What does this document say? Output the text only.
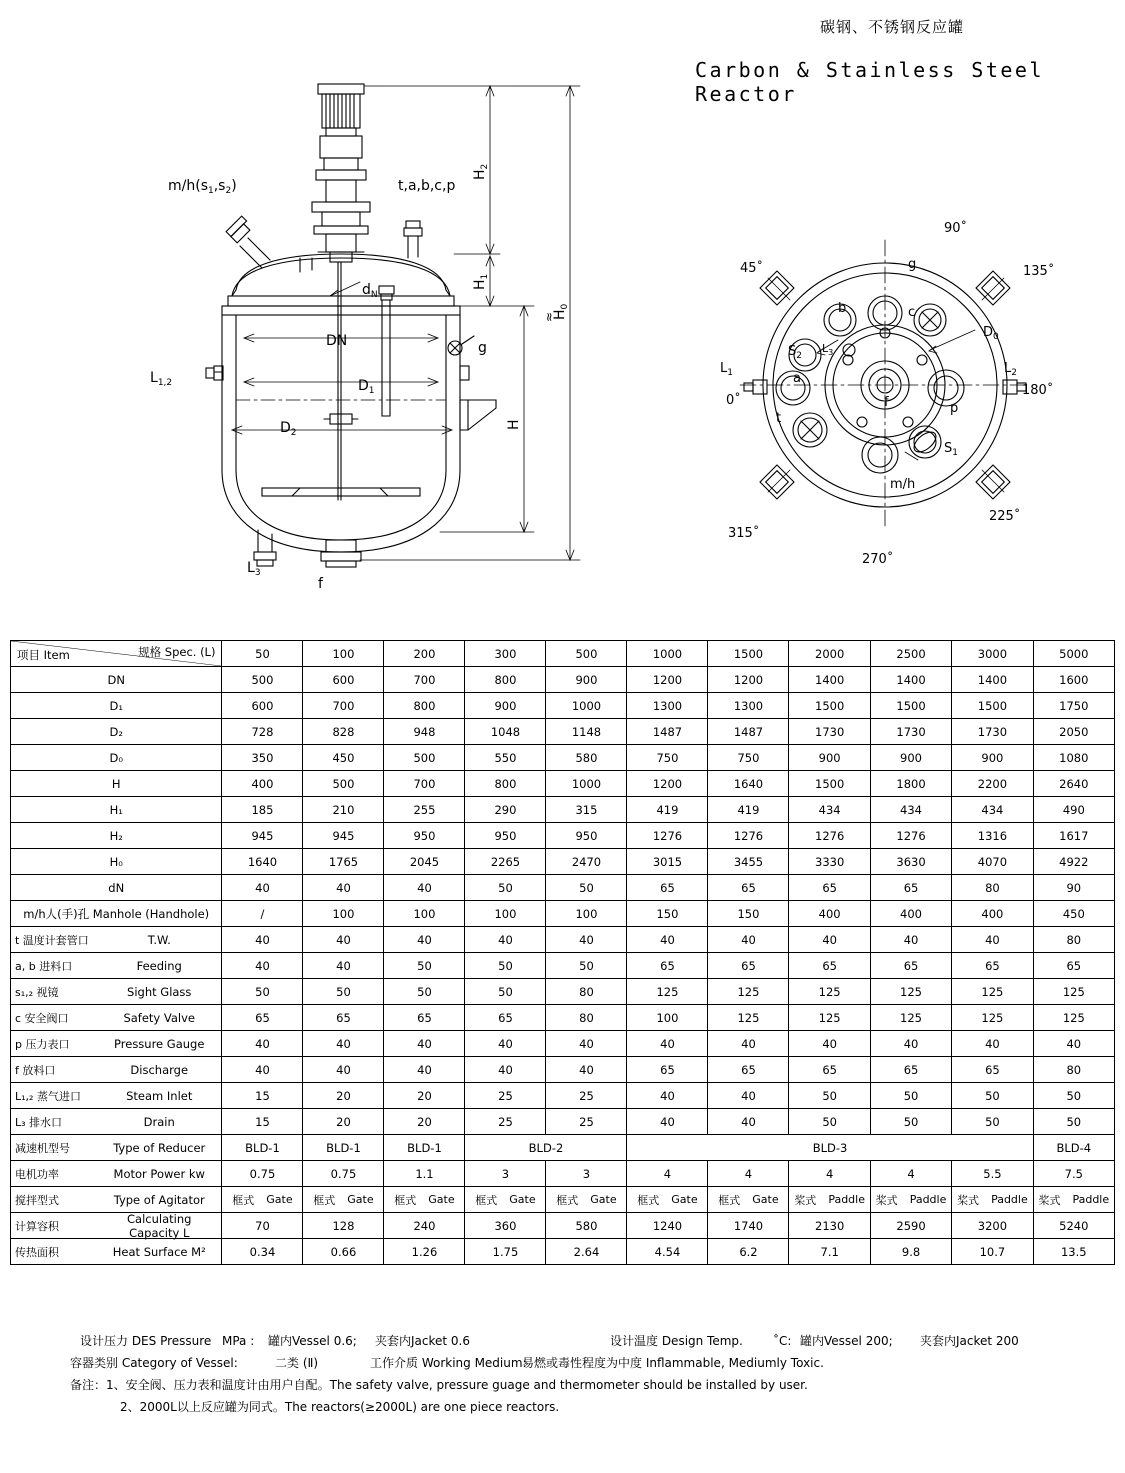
碳钢、不锈钢反应罐
Carbon & Stainless Steel Reactor
$H_2$
$H_1$
$H_0$
H
DN
$D_1$
$D_2$
$d_N$
$L_{1,2}$
$L_3$
f
g
$m/h(s_1,s_2)$	t,a,b,c,p
≈
90˚
45˚	135˚
180˚
225˚
270˚
315˚
0˚
g
b	c
$S_2$
$L_3$
a
t
f	p
$S_1$
m/h
$L_1$	$L_2$
$D_0$
规格 Spec. (L)
项目 Item	50	100	200	300	500	1000	1500	2000	2500	3000	5000

DN	500	600	700	800	900	1200	1200	1400	1400	1400	1600

D₁	600	700	800	900	1000	1300	1300	1500	1500	1500	1750

D₂	728	828	948	1048	1148	1487	1487	1730	1730	1730	2050

D₀	350	450	500	550	580	750	750	900	900	900	1080

H	400	500	700	800	1000	1200	1640	1500	1800	2200	2640

H₁	185	210	255	290	315	419	419	434	434	434	490

H₂	945	945	950	950	950	1276	1276	1276	1276	1316	1617

H₀	1640	1765	2045	2265	2470	3015	3455	3330	3630	4070	4922

dN	40	40	40	50	50	65	65	65	65	80	90

m/h人(手)孔 Manhole (Handhole)	/	100	100	100	100	150	150	400	400	400	450

t 温度计套管口 T.W.	40	40	40	40	40	40	40	40	40	40	80

a, b 进料口 Feeding	40	40	50	50	50	65	65	65	65	65	65

s₁,₂ 视镜 Sight Glass	50	50	50	50	80	125	125	125	125	125	125

c 安全阀口 Safety Valve	65	65	65	65	80	100	125	125	125	125	125

p 压力表口 Pressure Gauge	40	40	40	40	40	40	40	40	40	40	40

f 放料口 Discharge	40	40	40	40	40	65	65	65	65	65	80

L₁,₂ 蒸气进口 Steam Inlet	15	20	20	25	25	40	40	50	50	50	50

L₃ 排水口 Drain	15	20	20	25	25	40	40	50	50	50	50

减速机型号 Type of Reducer	BLD-1	BLD-1	BLD-1	BLD-2		BLD-3					BLD-4

电机功率 Motor Power kw	0.75	0.75	1.1	3	3	4	4	4	4	5.5	7.5

搅拌型式 Type of Agitator	框式 Gate	框式 Gate	框式 Gate	框式 Gate	框式 Gate	框式 Gate	框式 Gate	桨式 Paddle	桨式 Paddle	桨式 Paddle	桨式 Paddle

计算容积
Calculating Capacity L	70	128	240	360	580	1240	1740	2130	2590	3200	5240

传热面积 Heat Surface M²	0.34	0.66	1.26	1.75	2.64	4.54	6.2	7.1	9.8	10.7	13.5
设计压力 DES Pressure MPa : 罐内Vessel 0.6; 夹套内Jacket 0.6	设计温度 Design Temp.	˚C: 罐内Vessel 200; 夹套内Jacket 200
容器类别 Category of Vessel:	二类 (Ⅱ)	工作介质 Working Medium:
易燃或毒性程度为中度 Inflammable, Mediumly Toxic.
备注：1、安全阀、压力表和温度计由用户自配。The safety valve, pressure guage and thermometer should be installed by user.
2、2000L以上反应罐为同式。The reactors(≥2000L) are one piece reactors.
